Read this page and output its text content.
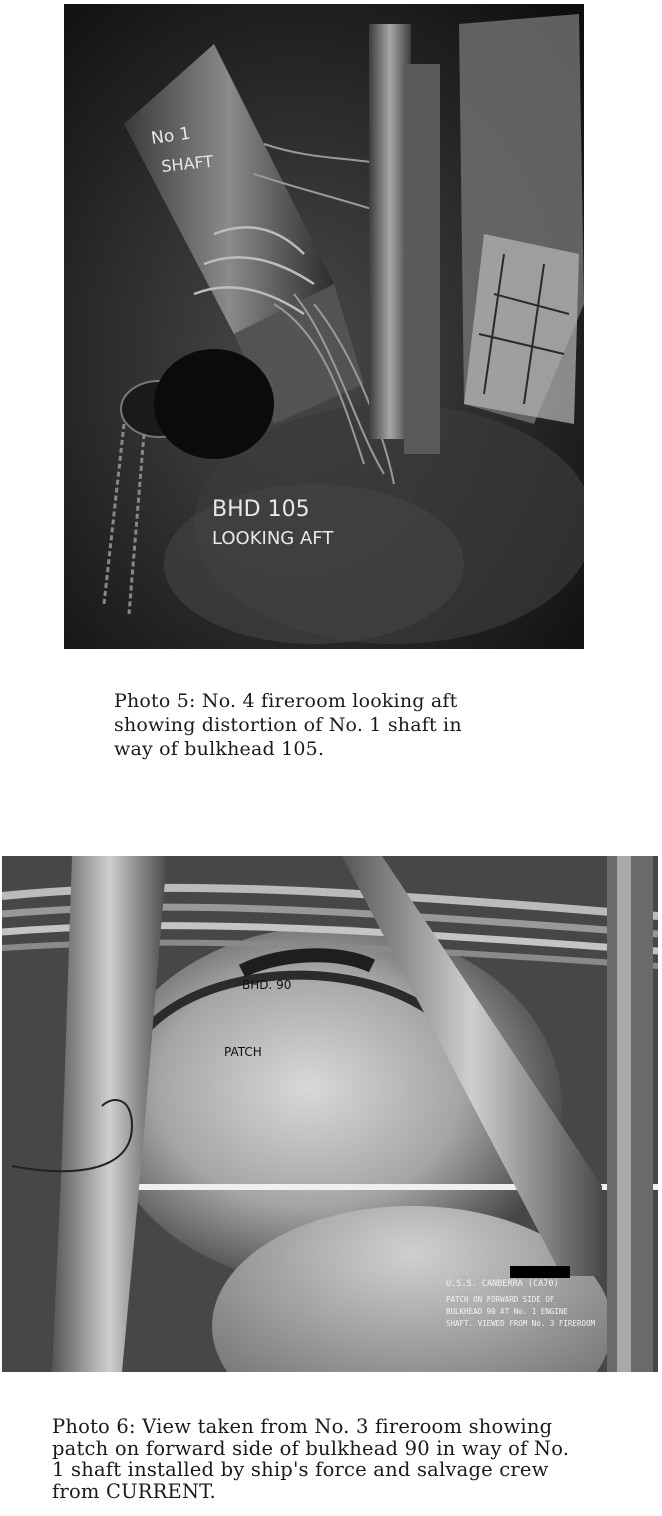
No 1
SHAFT
BHD 105
LOOKING AFT
Photo 5: No. 4 fireroom looking aft
showing distortion of No. 1 shaft in
way of bulkhead 105.
BHD. 90
PATCH
U.S.S. CANBERRA (CA70)
PATCH ON FORWARD SIDE OF
BULKHEAD 90 AT No. 1 ENGINE
SHAFT. VIEWED FROM No. 3 FIREROOM
Photo 6: View taken from No. 3 fireroom showing
patch on forward side of bulkhead 90 in way of No.
1 shaft installed by ship's force and salvage crew
from CURRENT.
